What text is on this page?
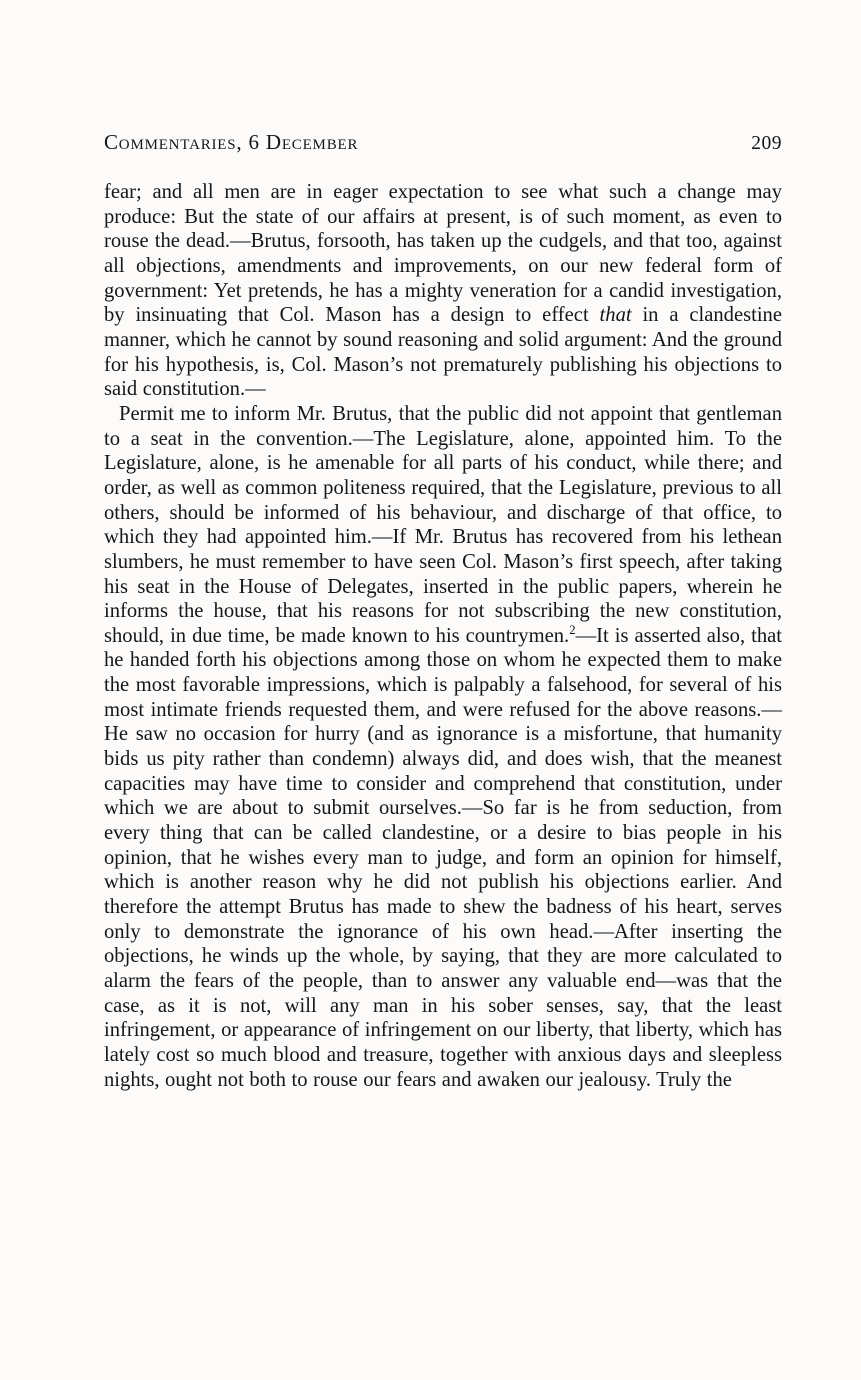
Commentaries, 6 December	209

fear; and all men are in eager expectation to see what such a change may produce: But the state of our affairs at present, is of such moment, as even to rouse the dead.—Brutus, forsooth, has taken up the cudgels, and that too, against all objections, amendments and improvements, on our new federal form of government: Yet pretends, he has a mighty veneration for a candid investigation, by insinuating that Col. Mason has a design to effect that in a clandestine manner, which he cannot by sound reasoning and solid argument: And the ground for his hypothesis, is, Col. Mason’s not prematurely publishing his objections to said constitution.—

Permit me to inform Mr. Brutus, that the public did not appoint that gentleman to a seat in the convention.—The Legislature, alone, appointed him. To the Legislature, alone, is he amenable for all parts of his conduct, while there; and order, as well as common politeness required, that the Legislature, previous to all others, should be informed of his behaviour, and discharge of that office, to which they had appointed him.—If Mr. Brutus has recovered from his lethean slumbers, he must remember to have seen Col. Mason’s first speech, after taking his seat in the House of Delegates, inserted in the public papers, wherein he informs the house, that his reasons for not subscribing the new constitution, should, in due time, be made known to his countrymen.$^2$—It is asserted also, that he handed forth his objections among those on whom he expected them to make the most favorable impressions, which is palpably a falsehood, for several of his most intimate friends requested them, and were refused for the above reasons.—He saw no occasion for hurry (and as ignorance is a misfortune, that humanity bids us pity rather than condemn) always did, and does wish, that the meanest capacities may have time to consider and comprehend that constitution, under which we are about to submit ourselves.—So far is he from seduction, from every thing that can be called clandestine, or a desire to bias people in his opinion, that he wishes every man to judge, and form an opinion for himself, which is another reason why he did not publish his objections earlier. And therefore the attempt Brutus has made to shew the badness of his heart, serves only to demonstrate the ignorance of his own head.—After inserting the objections, he winds up the whole, by saying, that they are more calculated to alarm the fears of the people, than to answer any valuable end—was that the case, as it is not, will any man in his sober senses, say, that the least infringement, or appearance of infringement on our liberty, that liberty, which has lately cost so much blood and treasure, together with anxious days and sleepless nights, ought not both to rouse our fears and awaken our jealousy. Truly the
